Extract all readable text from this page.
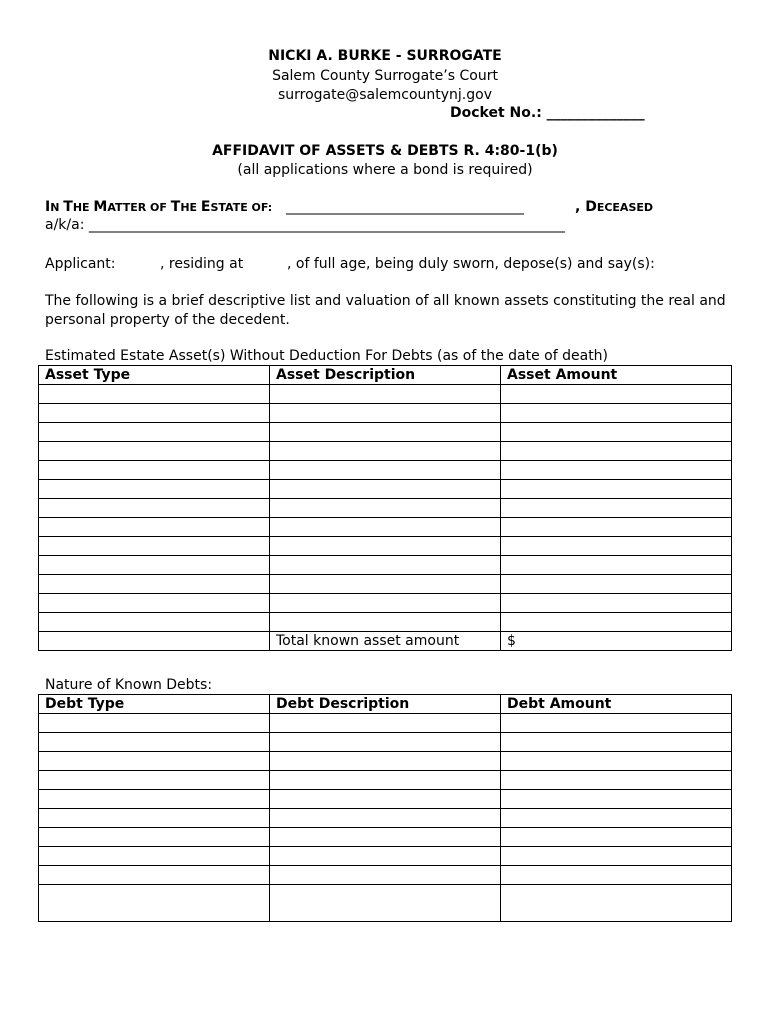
NICKI A. BURKE - SURROGATE
Salem County Surrogate’s Court
surrogate@salemcountynj.gov
Docket No.: ______________
AFFIDAVIT OF ASSETS & DEBTS R. 4:80-1(b)
(all applications where a bond is required)
IN THE MATTER OF THE ESTATE OF: __________________________________	, DECEASED
a/k/a: ____________________________________________________________________
Applicant:	, residing at	, of full age, being duly sworn, depose(s) and say(s):
The following is a brief descriptive list and valuation of all known assets constituting the real and
personal property of the decedent.
Estimated Estate Asset(s) Without Deduction For Debts (as of the date of death)
Asset Type	Asset Description	Asset Amount

	Total known asset amount	$
Nature of Known Debts:
Debt Type	Debt Description	Debt Amount
